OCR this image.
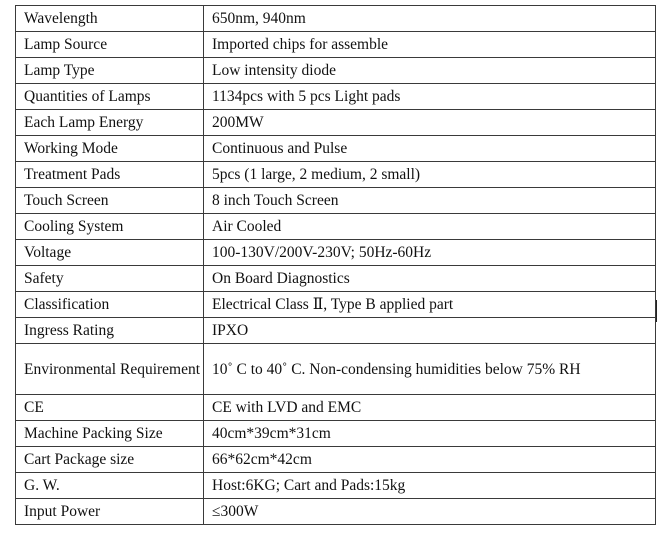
Wavelength	650nm, 940nm
Lamp Source	Imported chips for assemble
Lamp Type	Low intensity diode
Quantities of Lamps	1134pcs with 5 pcs Light pads
Each Lamp Energy	200MW
Working Mode	Continuous and Pulse
Treatment Pads	5pcs (1 large, 2 medium, 2 small)
Touch Screen	8 inch Touch Screen
Cooling System	Air Cooled
Voltage	100-130V/200V-230V; 50Hz-60Hz
Safety	On Board Diagnostics
Classification	Electrical Class Ⅱ, Type B applied part
Ingress Rating	IPXO
Environmental Requirement	10˚ C to 40˚ C. Non-condensing humidities below 75% RH
CE	CE with LVD and EMC
Machine Packing Size	40cm*39cm*31cm
Cart Package size	66*62cm*42cm
G. W.	Host:6KG; Cart and Pads:15kg
Input Power	≤300W
